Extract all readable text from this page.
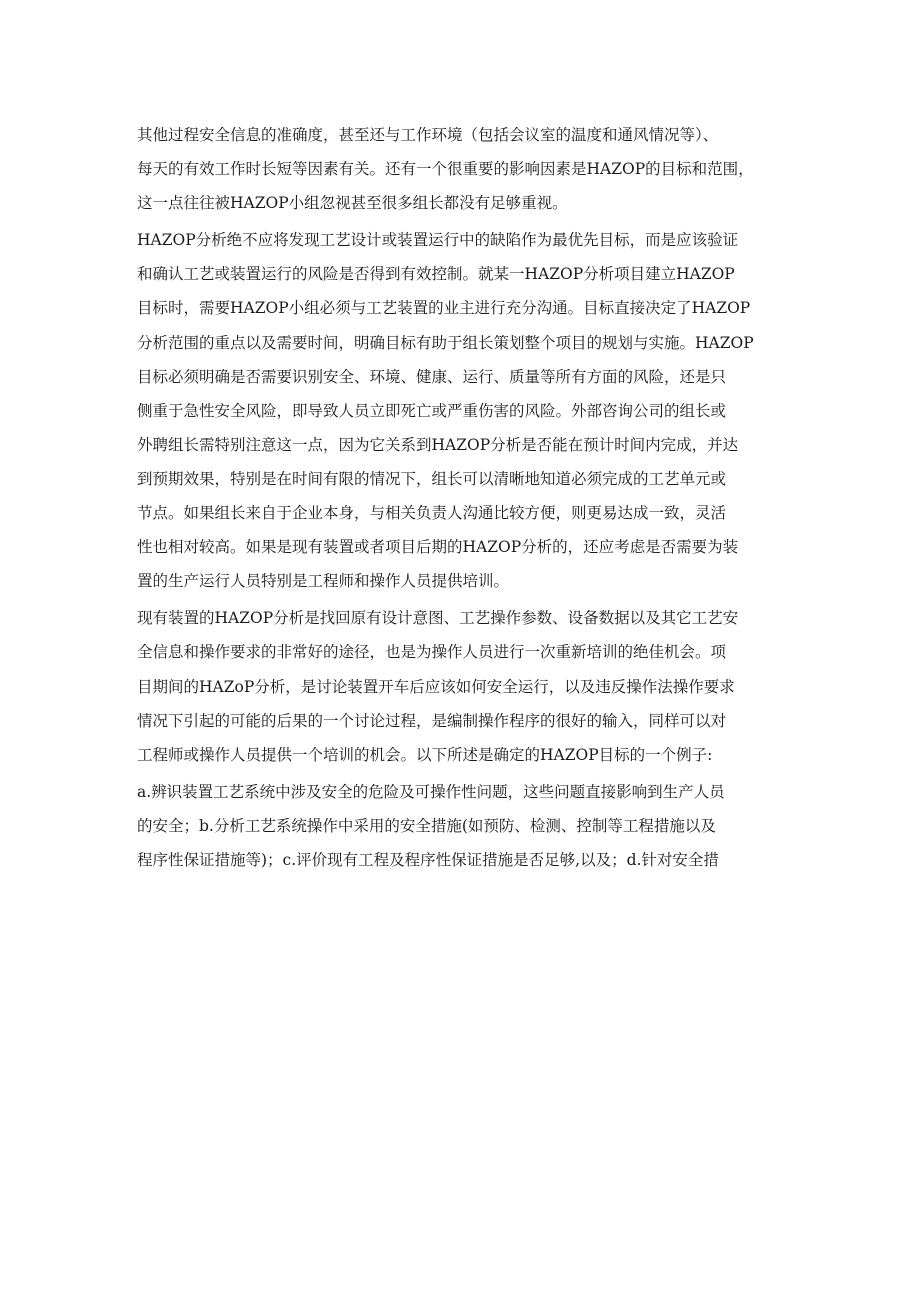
其他过程安全信息的准确度，甚至还与工作环境（包括会议室的温度和通风情况等）、
每天的有效工作时长短等因素有关。还有一个很重要的影响因素是HAZOP的目标和范围，
这一点往往被HAZOP小组忽视甚至很多组长都没有足够重视。
HAZOP分析绝不应将发现工艺设计或装置运行中的缺陷作为最优先目标，而是应该验证
和确认工艺或装置运行的风险是否得到有效控制。就某一HAZOP分析项目建立HAZOP
目标时，需要HAZOP小组必须与工艺装置的业主进行充分沟通。目标直接决定了HAZOP
分析范围的重点以及需要时间，明确目标有助于组长策划整个项目的规划与实施。HAZOP
目标必须明确是否需要识别安全、环境、健康、运行、质量等所有方面的风险，还是只
侧重于急性安全风险，即导致人员立即死亡或严重伤害的风险。外部咨询公司的组长或
外聘组长需特别注意这一点，因为它关系到HAZOP分析是否能在预计时间内完成，并达
到预期效果，特别是在时间有限的情况下，组长可以清晰地知道必须完成的工艺单元或
节点。如果组长来自于企业本身，与相关负责人沟通比较方便，则更易达成一致，灵活
性也相对较高。如果是现有装置或者项目后期的HAZOP分析的，还应考虑是否需要为装
置的生产运行人员特别是工程师和操作人员提供培训。
现有装置的HAZOP分析是找回原有设计意图、工艺操作参数、设备数据以及其它工艺安
全信息和操作要求的非常好的途径，也是为操作人员进行一次重新培训的绝佳机会。项
目期间的HAZoP分析，是讨论装置开车后应该如何安全运行，以及违反操作法操作要求
情况下引起的可能的后果的一个讨论过程，是编制操作程序的很好的输入，同样可以对
工程师或操作人员提供一个培训的机会。以下所述是确定的HAZOP目标的一个例子:
a.辨识装置工艺系统中涉及安全的危险及可操作性问题，这些问题直接影响到生产人员
的安全；b.分析工艺系统操作中采用的安全措施(如预防、检测、控制等工程措施以及
程序性保证措施等)；c.评价现有工程及程序性保证措施是否足够,以及；d.针对安全措
